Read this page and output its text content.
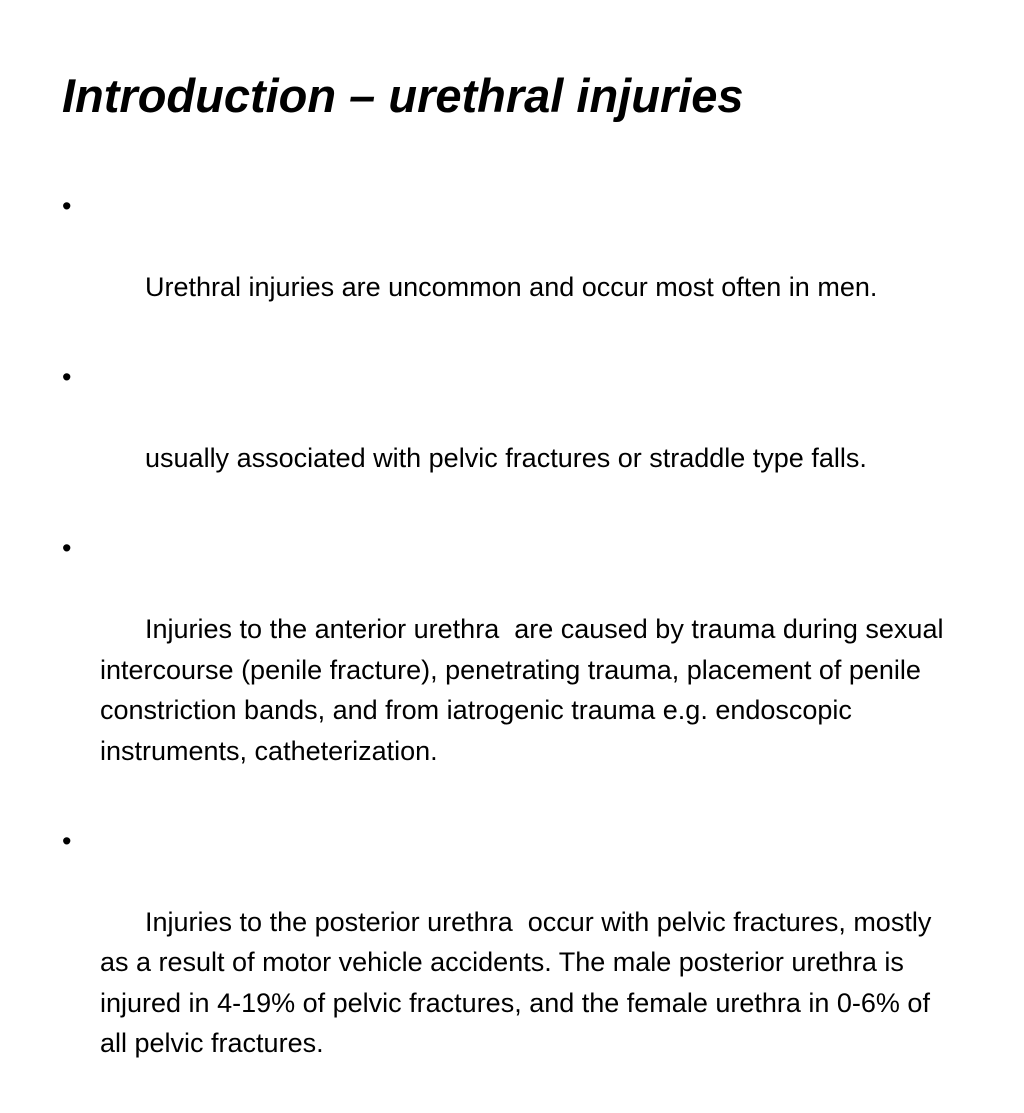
Introduction – urethral injuries

•

Urethral injuries are uncommon and occur most often in men.

•

usually associated with pelvic fractures or straddle type falls.

•

Injuries to the anterior urethra  are caused by trauma during sexual intercourse (penile fracture), penetrating trauma, placement of penile constriction bands, and from iatrogenic trauma e.g. endoscopic instruments, catheterization.

•

Injuries to the posterior urethra  occur with pelvic fractures, mostly as a result of motor vehicle accidents. The male posterior urethra is injured in 4-19% of pelvic fractures, and the female urethra in 0-6% of all pelvic fractures.
